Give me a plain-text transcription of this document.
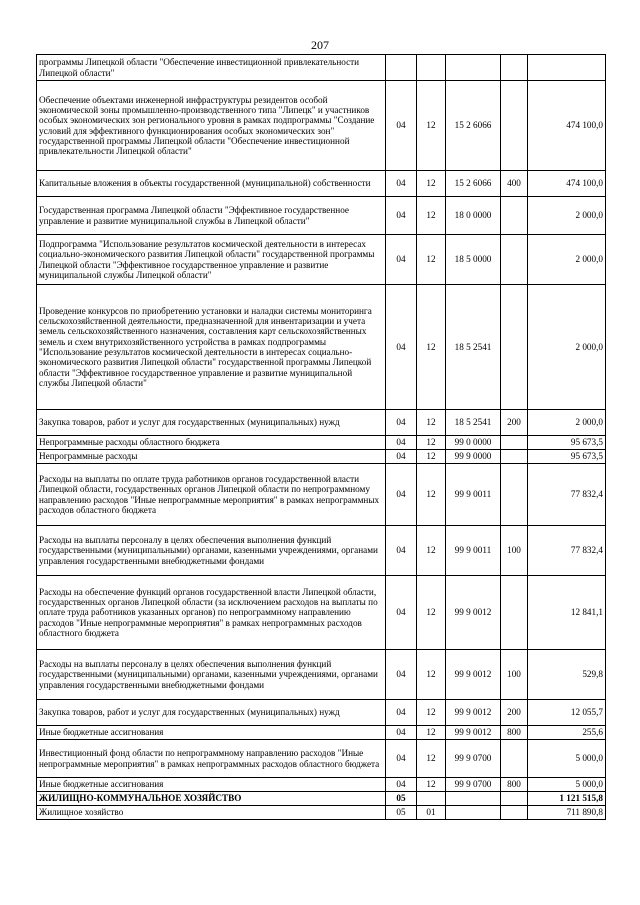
207
программы Липецкой области "Обеспечение инвестиционной привлекательности Липецкой области"					
Обеспечение объектами инженерной инфраструктуры резидентов особой экономической зоны промышленно-производственного типа "Липецк" и участников особых экономических зон регионального уровня в рамках подпрограммы "Создание условий для эффективного функционирования особых экономических зон" государственной программы Липецкой области "Обеспечение инвестиционной привлекательности Липецкой области"	04	12	15 2 6066		474 100,0
Капитальные вложения в объекты государственной (муниципальной) собственности	04	12	15 2 6066	400	474 100,0
Государственная программа Липецкой области "Эффективное государственное управление и развитие муниципальной службы в Липецкой области"	04	12	18 0 0000		2 000,0
Подпрограмма "Использование результатов космической деятельности в интересах социально-экономического развития Липецкой области" государственной программы Липецкой области "Эффективное государственное управление и развитие муниципальной службы Липецкой области"	04	12	18 5 0000		2 000,0
Проведение конкурсов по приобретению установки и наладки системы мониторинга сельскохозяйственной деятельности, предназначенной для инвентаризации и учета земель сельскохозяйственного назначения, составления карт сельскохозяйственных земель и схем внутрихозяйственного устройства в рамках подпрограммы "Использование результатов космической деятельности в интересах социально-экономического развития Липецкой области" государственной программы Липецкой области "Эффективное государственное управление и развитие муниципальной службы Липецкой области"	04	12	18 5 2541		2 000,0
Закупка товаров, работ и услуг для государственных (муниципальных) нужд	04	12	18 5 2541	200	2 000,0
Непрограммные расходы областного бюджета	04	12	99 0 0000		95 673,5
Непрограммные расходы	04	12	99 9 0000		95 673,5
Расходы на выплаты по оплате труда работников органов государственной власти Липецкой области, государственных органов Липецкой области по непрограммному направлению расходов "Иные непрограммные мероприятия" в рамках непрограммных расходов областного бюджета	04	12	99 9 0011		77 832,4
Расходы на выплаты персоналу в целях обеспечения выполнения функций государственными (муниципальными) органами, казенными учреждениями, органами управления государственными внебюджетными фондами	04	12	99 9 0011	100	77 832,4
Расходы на обеспечение функций органов государственной власти Липецкой области, государственных органов Липецкой области (за исключением расходов на выплаты по оплате труда работников указанных органов) по непрограммному направлению расходов "Иные непрограммные мероприятия" в рамках непрограммных расходов областного бюджета	04	12	99 9 0012		12 841,1
Расходы на выплаты персоналу в целях обеспечения выполнения функций государственными (муниципальными) органами, казенными учреждениями, органами управления государственными внебюджетными фондами	04	12	99 9 0012	100	529,8
Закупка товаров, работ и услуг для государственных (муниципальных) нужд	04	12	99 9 0012	200	12 055,7
Иные бюджетные ассигнования	04	12	99 9 0012	800	255,6
Инвестиционный фонд области по непрограммному направлению расходов "Иные непрограммные мероприятия" в рамках непрограммных расходов областного бюджета	04	12	99 9 0700		5 000,0
Иные бюджетные ассигнования	04	12	99 9 0700	800	5 000,0
ЖИЛИЩНО-КОММУНАЛЬНОЕ ХОЗЯЙСТВО	05				1 121 515,8
Жилищное хозяйство	05	01			711 890,8
